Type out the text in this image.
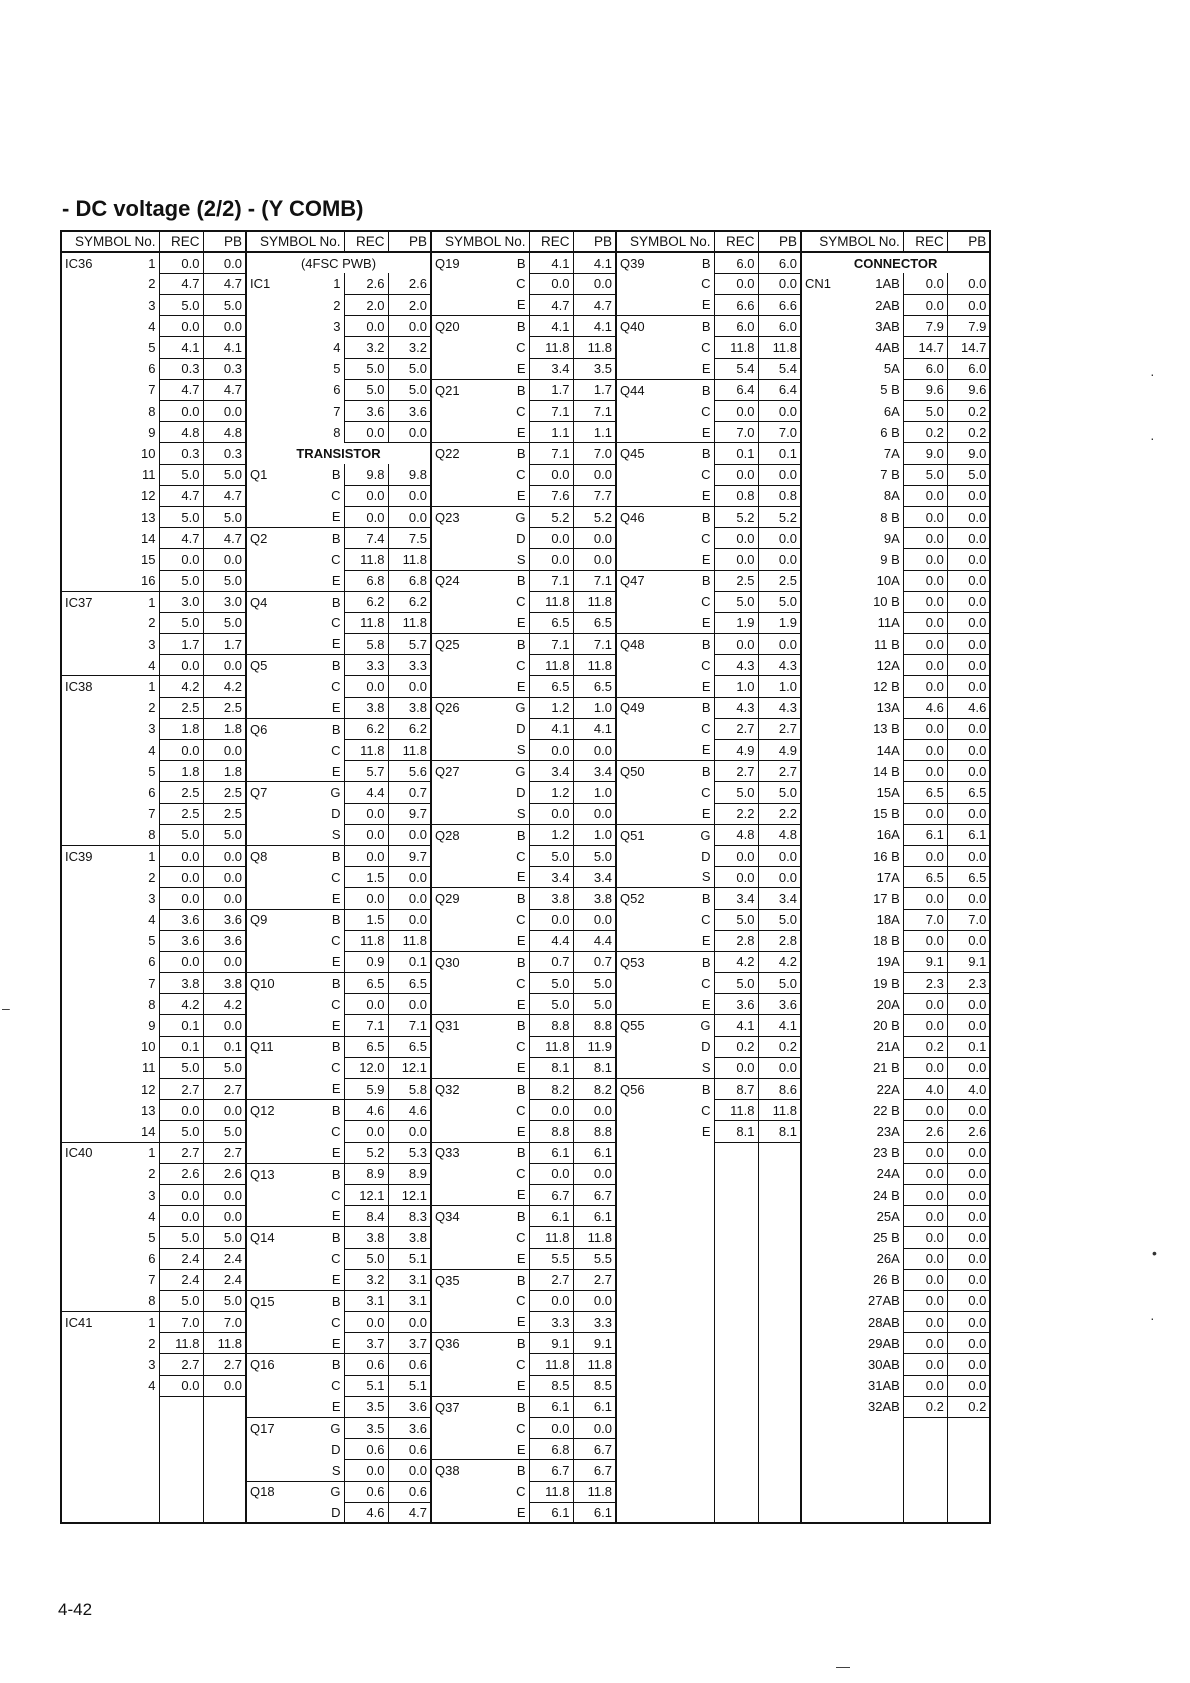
- DC voltage (2/2) - (Y COMB)
SYMBOL No.		REC	PB	SYMBOL No.		REC	PB	SYMBOL No.		REC	PB	SYMBOL No.		REC	PB	SYMBOL No.		REC	PB
IC36	1	0.0	0.0	(4FSC PWB)				Q19	B	4.1	4.1	Q39	B	6.0	6.0	CONNECTOR			
	2	4.7	4.7	IC1	1	2.6	2.6		C	0.0	0.0		C	0.0	0.0	CN1	1AB	0.0	0.0
	3	5.0	5.0		2	2.0	2.0		E	4.7	4.7		E	6.6	6.6		2AB	0.0	0.0
	4	0.0	0.0		3	0.0	0.0	Q20	B	4.1	4.1	Q40	B	6.0	6.0		3AB	7.9	7.9
	5	4.1	4.1		4	3.2	3.2		C	11.8	11.8		C	11.8	11.8		4AB	14.7	14.7
	6	0.3	0.3		5	5.0	5.0		E	3.4	3.5		E	5.4	5.4		5A	6.0	6.0
	7	4.7	4.7		6	5.0	5.0	Q21	B	1.7	1.7	Q44	B	6.4	6.4		5 B	9.6	9.6
	8	0.0	0.0		7	3.6	3.6		C	7.1	7.1		C	0.0	0.0		6A	5.0	0.2
	9	4.8	4.8		8	0.0	0.0		E	1.1	1.1		E	7.0	7.0		6 B	0.2	0.2
	10	0.3	0.3	TRANSISTOR				Q22	B	7.1	7.0	Q45	B	0.1	0.1		7A	9.0	9.0
	11	5.0	5.0	Q1	B	9.8	9.8		C	0.0	0.0		C	0.0	0.0		7 B	5.0	5.0
	12	4.7	4.7		C	0.0	0.0		E	7.6	7.7		E	0.8	0.8		8A	0.0	0.0
	13	5.0	5.0		E	0.0	0.0	Q23	G	5.2	5.2	Q46	B	5.2	5.2		8 B	0.0	0.0
	14	4.7	4.7	Q2	B	7.4	7.5		D	0.0	0.0		C	0.0	0.0		9A	0.0	0.0
	15	0.0	0.0		C	11.8	11.8		S	0.0	0.0		E	0.0	0.0		9 B	0.0	0.0
	16	5.0	5.0		E	6.8	6.8	Q24	B	7.1	7.1	Q47	B	2.5	2.5		10A	0.0	0.0
IC37	1	3.0	3.0	Q4	B	6.2	6.2		C	11.8	11.8		C	5.0	5.0		10 B	0.0	0.0
	2	5.0	5.0		C	11.8	11.8		E	6.5	6.5		E	1.9	1.9		11A	0.0	0.0
	3	1.7	1.7		E	5.8	5.7	Q25	B	7.1	7.1	Q48	B	0.0	0.0		11 B	0.0	0.0
	4	0.0	0.0	Q5	B	3.3	3.3		C	11.8	11.8		C	4.3	4.3		12A	0.0	0.0
IC38	1	4.2	4.2		C	0.0	0.0		E	6.5	6.5		E	1.0	1.0		12 B	0.0	0.0
	2	2.5	2.5		E	3.8	3.8	Q26	G	1.2	1.0	Q49	B	4.3	4.3		13A	4.6	4.6
	3	1.8	1.8	Q6	B	6.2	6.2		D	4.1	4.1		C	2.7	2.7		13 B	0.0	0.0
	4	0.0	0.0		C	11.8	11.8		S	0.0	0.0		E	4.9	4.9		14A	0.0	0.0
	5	1.8	1.8		E	5.7	5.6	Q27	G	3.4	3.4	Q50	B	2.7	2.7		14 B	0.0	0.0
	6	2.5	2.5	Q7	G	4.4	0.7		D	1.2	1.0		C	5.0	5.0		15A	6.5	6.5
	7	2.5	2.5		D	0.0	9.7		S	0.0	0.0		E	2.2	2.2		15 B	0.0	0.0
	8	5.0	5.0		S	0.0	0.0	Q28	B	1.2	1.0	Q51	G	4.8	4.8		16A	6.1	6.1
IC39	1	0.0	0.0	Q8	B	0.0	9.7		C	5.0	5.0		D	0.0	0.0		16 B	0.0	0.0
	2	0.0	0.0		C	1.5	0.0		E	3.4	3.4		S	0.0	0.0		17A	6.5	6.5
	3	0.0	0.0		E	0.0	0.0	Q29	B	3.8	3.8	Q52	B	3.4	3.4		17 B	0.0	0.0
	4	3.6	3.6	Q9	B	1.5	0.0		C	0.0	0.0		C	5.0	5.0		18A	7.0	7.0
	5	3.6	3.6		C	11.8	11.8		E	4.4	4.4		E	2.8	2.8		18 B	0.0	0.0
	6	0.0	0.0		E	0.9	0.1	Q30	B	0.7	0.7	Q53	B	4.2	4.2		19A	9.1	9.1
	7	3.8	3.8	Q10	B	6.5	6.5		C	5.0	5.0		C	5.0	5.0		19 B	2.3	2.3
	8	4.2	4.2		C	0.0	0.0		E	5.0	5.0		E	3.6	3.6		20A	0.0	0.0
	9	0.1	0.0		E	7.1	7.1	Q31	B	8.8	8.8	Q55	G	4.1	4.1		20 B	0.0	0.0
	10	0.1	0.1	Q11	B	6.5	6.5		C	11.8	11.9		D	0.2	0.2		21A	0.2	0.1
	11	5.0	5.0		C	12.0	12.1		E	8.1	8.1		S	0.0	0.0		21 B	0.0	0.0
	12	2.7	2.7		E	5.9	5.8	Q32	B	8.2	8.2	Q56	B	8.7	8.6		22A	4.0	4.0
	13	0.0	0.0	Q12	B	4.6	4.6		C	0.0	0.0		C	11.8	11.8		22 B	0.0	0.0
	14	5.0	5.0		C	0.0	0.0		E	8.8	8.8		E	8.1	8.1		23A	2.6	2.6
IC40	1	2.7	2.7		E	5.2	5.3	Q33	B	6.1	6.1						23 B	0.0	0.0
	2	2.6	2.6	Q13	B	8.9	8.9		C	0.0	0.0						24A	0.0	0.0
	3	0.0	0.0		C	12.1	12.1		E	6.7	6.7						24 B	0.0	0.0
	4	0.0	0.0		E	8.4	8.3	Q34	B	6.1	6.1						25A	0.0	0.0
	5	5.0	5.0	Q14	B	3.8	3.8		C	11.8	11.8						25 B	0.0	0.0
	6	2.4	2.4		C	5.0	5.1		E	5.5	5.5						26A	0.0	0.0
	7	2.4	2.4		E	3.2	3.1	Q35	B	2.7	2.7						26 B	0.0	0.0
	8	5.0	5.0	Q15	B	3.1	3.1		C	0.0	0.0						27AB	0.0	0.0
IC41	1	7.0	7.0		C	0.0	0.0		E	3.3	3.3						28AB	0.0	0.0
	2	11.8	11.8		E	3.7	3.7	Q36	B	9.1	9.1						29AB	0.0	0.0
	3	2.7	2.7	Q16	B	0.6	0.6		C	11.8	11.8						30AB	0.0	0.0
	4	0.0	0.0		C	5.1	5.1		E	8.5	8.5						31AB	0.0	0.0
					E	3.5	3.6	Q37	B	6.1	6.1						32AB	0.2	0.2
				Q17	G	3.5	3.6		C	0.0	0.0								
					D	0.6	0.6		E	6.8	6.7								
					S	0.0	0.0	Q38	B	6.7	6.7								
				Q18	G	0.6	0.6		C	11.8	11.8								
					D	4.6	4.7		E	6.1	6.1								
4-42
·
·
•
·
–
—
